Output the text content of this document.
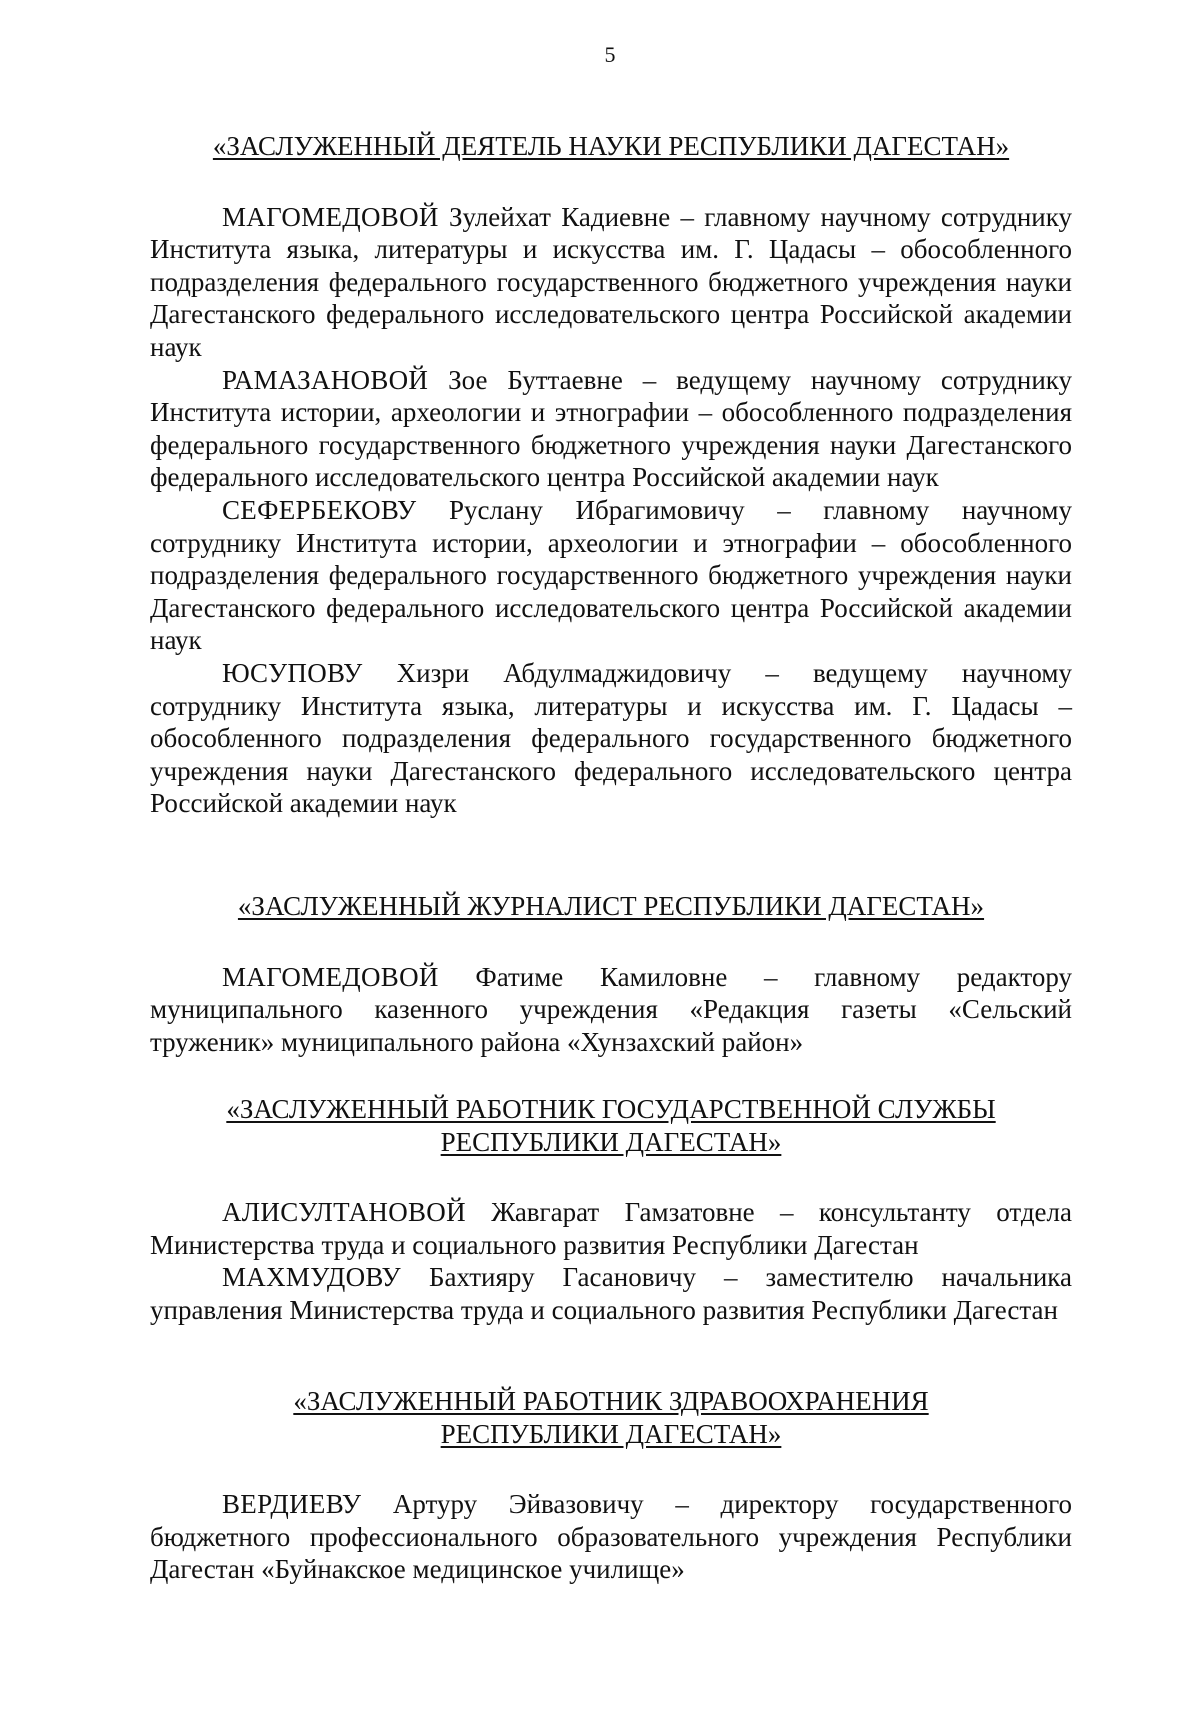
5
«ЗАСЛУЖЕННЫЙ ДЕЯТЕЛЬ НАУКИ РЕСПУБЛИКИ ДАГЕСТАН»

МАГОМЕДОВОЙ Зулейхат Кадиевне – главному научному сотруднику Института языка, литературы и искусства им. Г. Цадасы – обособленного подразделения федерального государственного бюджетного учреждения науки Дагестанского федерального исследовательского центра Российской академии наук

РАМАЗАНОВОЙ Зое Буттаевне – ведущему научному сотруднику Института истории, археологии и этнографии – обособленного подразделения федерального государственного бюджетного учреждения науки Дагестанского федерального исследовательского центра Российской академии наук

СЕФЕРБЕКОВУ Руслану Ибрагимовичу – главному научному сотруднику Института истории, археологии и этнографии – обособленного подразделения федерального государственного бюджетного учреждения науки Дагестанского федерального исследовательского центра Российской академии наук

ЮСУПОВУ Хизри Абдулмаджидовичу – ведущему научному сотруднику Института языка, литературы и искусства им. Г. Цадасы – обособленного подразделения федерального государственного бюджетного учреждения науки Дагестанского федерального исследовательского центра Российской академии наук

«ЗАСЛУЖЕННЫЙ ЖУРНАЛИСТ РЕСПУБЛИКИ ДАГЕСТАН»

МАГОМЕДОВОЙ Фатиме Камиловне – главному редактору муниципального казенного учреждения «Редакция газеты «Сельский труженик» муниципального района «Хунзахский район»

«ЗАСЛУЖЕННЫЙ РАБОТНИК ГОСУДАРСТВЕННОЙ СЛУЖБЫ
РЕСПУБЛИКИ ДАГЕСТАН»

АЛИСУЛТАНОВОЙ Жавгарат Гамзатовне – консультанту отдела Министерства труда и социального развития Республики Дагестан

МАХМУДОВУ Бахтияру Гасановичу – заместителю начальника управления Министерства труда и социального развития Республики Дагестан

«ЗАСЛУЖЕННЫЙ РАБОТНИК ЗДРАВООХРАНЕНИЯ
РЕСПУБЛИКИ ДАГЕСТАН»

ВЕРДИЕВУ Артуру Эйвазовичу – директору государственного бюджетного профессионального образовательного учреждения Республики Дагестан «Буйнакское медицинское училище»
